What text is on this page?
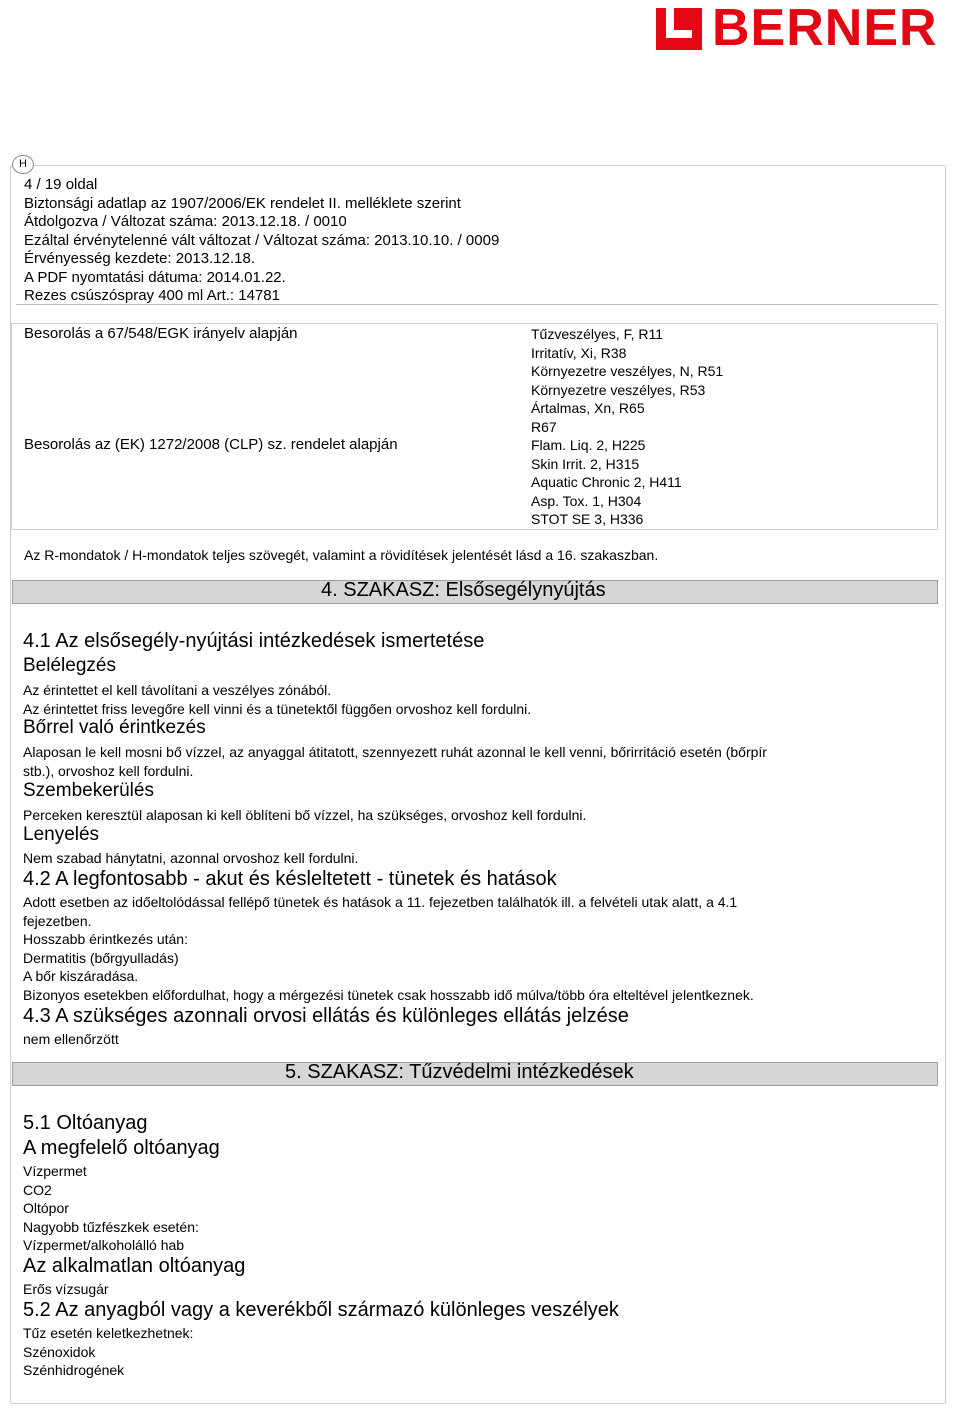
BERNER
H
4 / 19 oldal
Biztonsági adatlap az 1907/2006/EK rendelet II. melléklete szerint
Átdolgozva / Változat száma: 2013.12.18. / 0010
Ezáltal érvénytelenné vált változat / Változat száma: 2013.10.10. / 0009
Érvényesség kezdete: 2013.12.18.
A PDF nyomtatási dátuma: 2014.01.22.
Rezes csúszóspray 400 ml Art.: 14781
Besorolás a 67/548/EGK irányelv alapján
Besorolás az (EK) 1272/2008 (CLP) sz. rendelet alapján
Tűzveszélyes, F, R11
Irritatív, Xi, R38
Környezetre veszélyes, N, R51
Környezetre veszélyes, R53
Ártalmas, Xn, R65
R67
Flam. Liq. 2, H225
Skin Irrit. 2, H315
Aquatic Chronic 2, H411
Asp. Tox. 1, H304
STOT SE 3, H336
Az R-mondatok / H-mondatok teljes szövegét, valamint a rövidítések jelentését lásd a 16. szakaszban.
4. SZAKASZ: Elsősegélynyújtás
4.1 Az elsősegély-nyújtási intézkedések ismertetése
Belélegzés
Az érintettet el kell távolítani a veszélyes zónából.
Az érintettet friss levegőre kell vinni és a tünetektől függően orvoshoz kell fordulni.
Bőrrel való érintkezés
Alaposan le kell mosni bő vízzel, az anyaggal átitatott, szennyezett ruhát azonnal le kell venni, bőrirritáció esetén (bőrpír
stb.), orvoshoz kell fordulni.
Szembekerülés
Perceken keresztül alaposan ki kell öblíteni bő vízzel, ha szükséges, orvoshoz kell fordulni.
Lenyelés
Nem szabad hánytatni, azonnal orvoshoz kell fordulni.
4.2 A legfontosabb - akut és késleltetett - tünetek és hatások
Adott esetben az időeltolódással fellépő tünetek és hatások a 11. fejezetben találhatók ill. a felvételi utak alatt, a 4.1
fejezetben.
Hosszabb érintkezés után:
Dermatitis (bőrgyulladás)
A bőr kiszáradása.
Bizonyos esetekben előfordulhat, hogy a mérgezési tünetek csak hosszabb idő múlva/több óra elteltével jelentkeznek.
4.3 A szükséges azonnali orvosi ellátás és különleges ellátás jelzése
nem ellenőrzött
5. SZAKASZ: Tűzvédelmi intézkedések
5.1 Oltóanyag
A megfelelő oltóanyag
Vízpermet
CO2
Oltópor
Nagyobb tűzfészkek esetén:
Vízpermet/alkoholálló hab
Az alkalmatlan oltóanyag
Erős vízsugár
5.2 Az anyagból vagy a keverékből származó különleges veszélyek
Tűz esetén keletkezhetnek:
Szénoxidok
Szénhidrogének
